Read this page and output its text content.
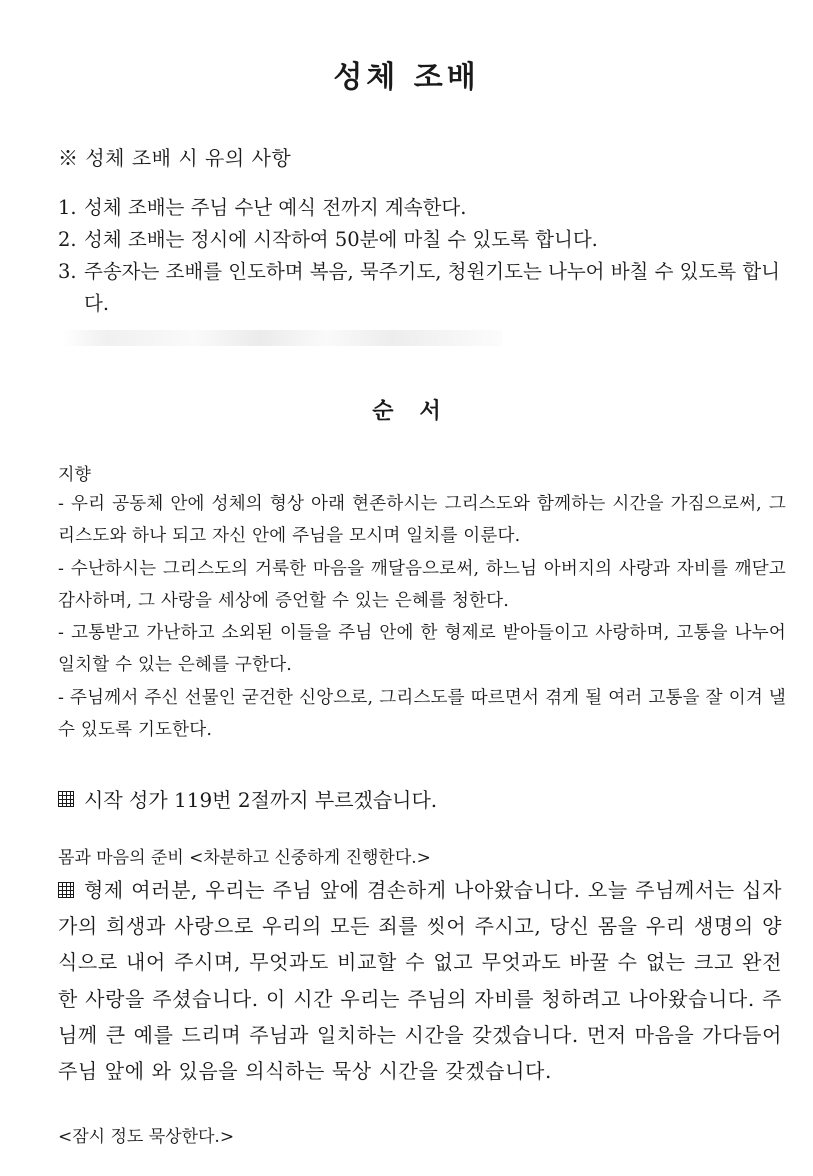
성체 조배
※ 성체 조배 시 유의 사항
1. 성체 조배는 주님 수난 예식 전까지 계속한다.
2. 성체 조배는 정시에 시작하여 50분에 마칠 수 있도록 합니다.
3. 주송자는 조배를 인도하며 복음, 묵주기도, 청원기도는 나누어 바칠 수 있도록 합니다.
순서
지향

- 우리 공동체 안에 성체의 형상 아래 현존하시는 그리스도와 함께하는 시간을 가짐으로써, 그리스도와 하나 되고 자신 안에 주님을 모시며 일치를 이룬다.

- 수난하시는 그리스도의 거룩한 마음을 깨달음으로써, 하느님 아버지의 사랑과 자비를 깨닫고 감사하며, 그 사랑을 세상에 증언할 수 있는 은혜를 청한다.

- 고통받고 가난하고 소외된 이들을 주님 안에 한 형제로 받아들이고 사랑하며, 고통을 나누어 일치할 수 있는 은혜를 구한다.

- 주님께서 주신 선물인 굳건한 신앙으로, 그리스도를 따르면서 겪게 될 여러 고통을 잘 이겨 낼 수 있도록 기도한다.

시작 성가 119번 2절까지 부르겠습니다.
몸과 마음의 준비 <차분하고 신중하게 진행한다.>
형제 여러분, 우리는 주님 앞에 겸손하게 나아왔습니다. 오늘 주님께서는 십자가의 희생과 사랑으로 우리의 모든 죄를 씻어 주시고, 당신 몸을 우리 생명의 양식으로 내어 주시며, 무엇과도 비교할 수 없고 무엇과도 바꿀 수 없는 크고 완전한 사랑을 주셨습니다. 이 시간 우리는 주님의 자비를 청하려고 나아왔습니다. 주님께 큰 예를 드리며 주님과 일치하는 시간을 갖겠습니다. 먼저 마음을 가다듬어 주님 앞에 와 있음을 의식하는 묵상 시간을 갖겠습니다.
<잠시 정도 묵상한다.>
